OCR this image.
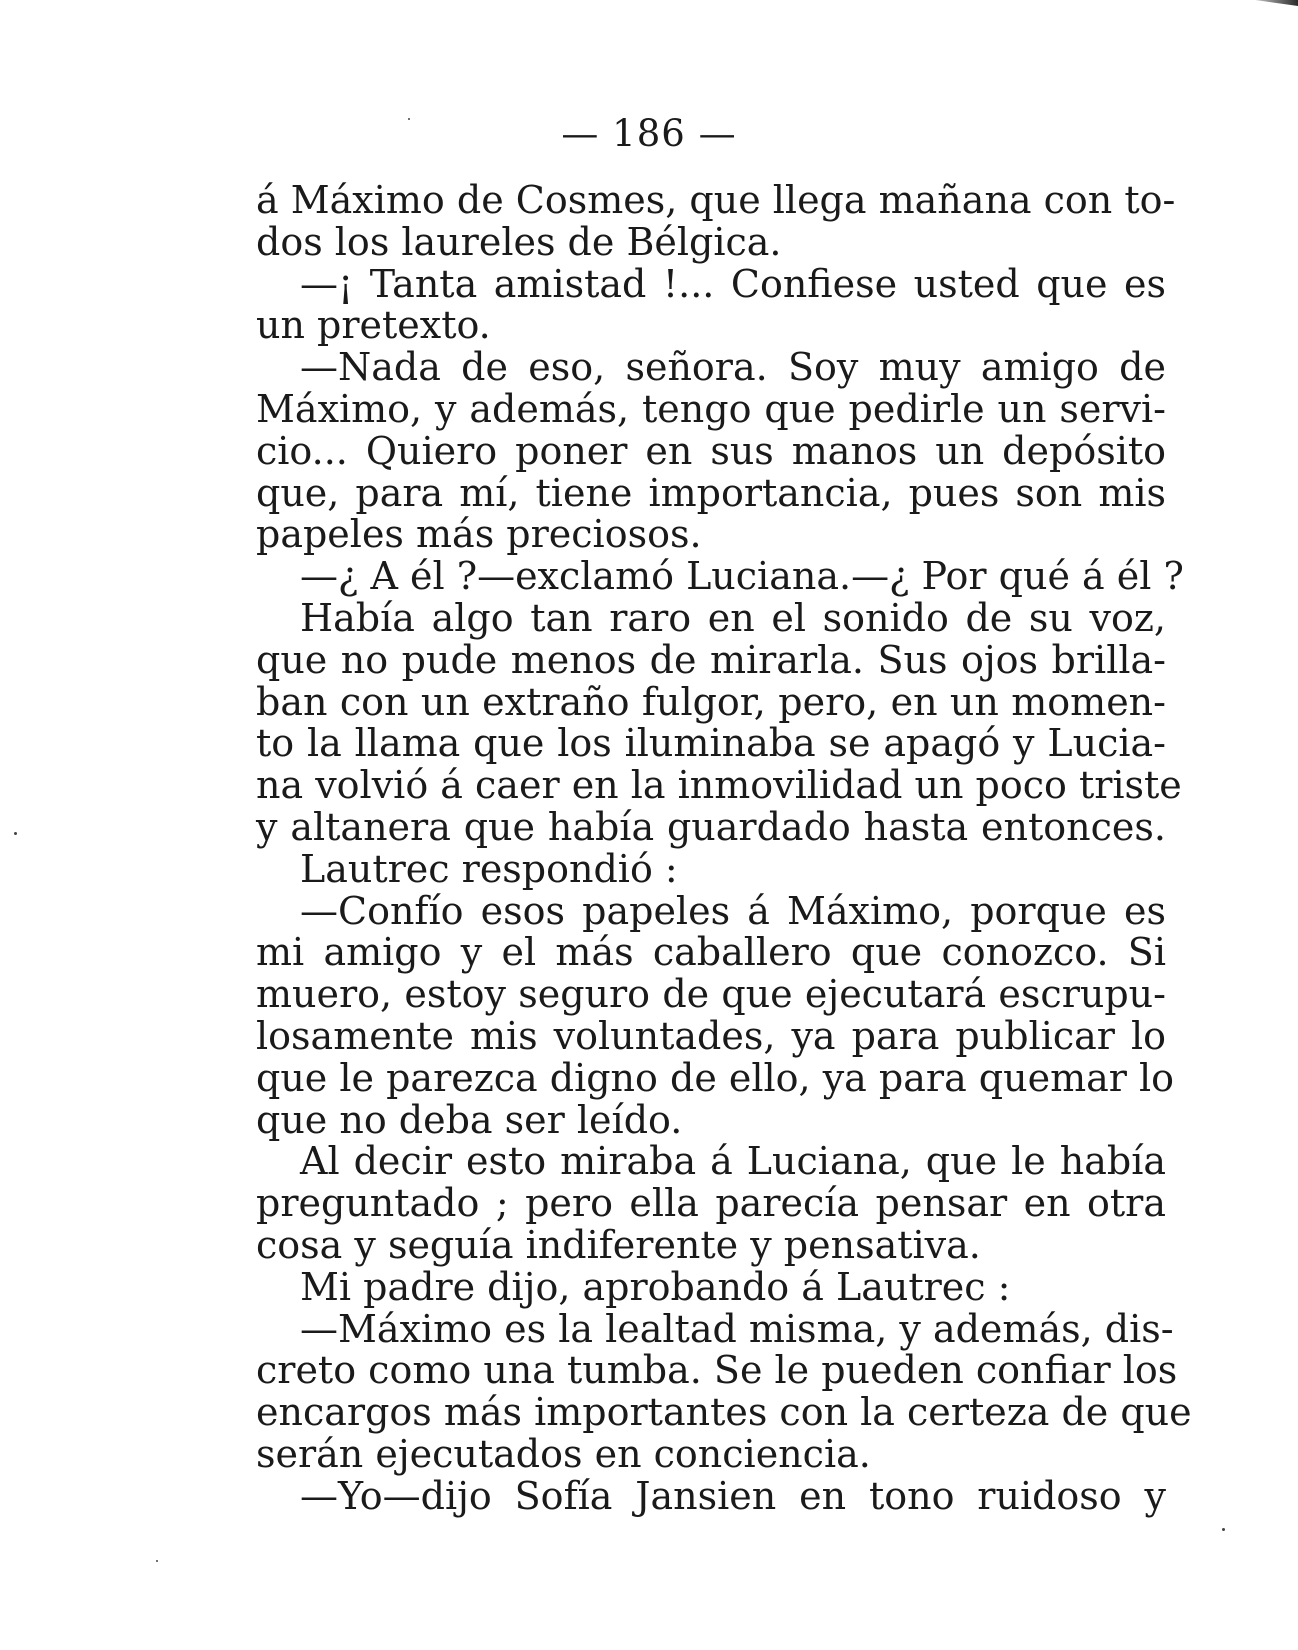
— 186 —
á Máximo de Cosmes, que llega mañana con to-
dos los laureles de Bélgica.
—¡ Tanta amistad !... Confiese usted que es
un pretexto.
—Nada de eso, señora. Soy muy amigo de
Máximo, y además, tengo que pedirle un servi-
cio... Quiero poner en sus manos un depósito
que, para mí, tiene importancia, pues son mis
papeles más preciosos.
—¿ A él ?—exclamó Luciana.—¿ Por qué á él ?
Había algo tan raro en el sonido de su voz,
que no pude menos de mirarla. Sus ojos brilla-
ban con un extraño fulgor, pero, en un momen-
to la llama que los iluminaba se apagó y Lucia-
na volvió á caer en la inmovilidad un poco triste
y altanera que había guardado hasta entonces.
Lautrec respondió :
—Confío esos papeles á Máximo, porque es
mi amigo y el más caballero que conozco. Si
muero, estoy seguro de que ejecutará escrupu-
losamente mis voluntades, ya para publicar lo
que le parezca digno de ello, ya para quemar lo
que no deba ser leído.
Al decir esto miraba á Luciana, que le había
preguntado ; pero ella parecía pensar en otra
cosa y seguía indiferente y pensativa.
Mi padre dijo, aprobando á Lautrec :
—Máximo es la lealtad misma, y además, dis-
creto como una tumba. Se le pueden confiar los
encargos más importantes con la certeza de que
serán ejecutados en conciencia.
—Yo—dijo Sofía Jansien en tono ruidoso y
